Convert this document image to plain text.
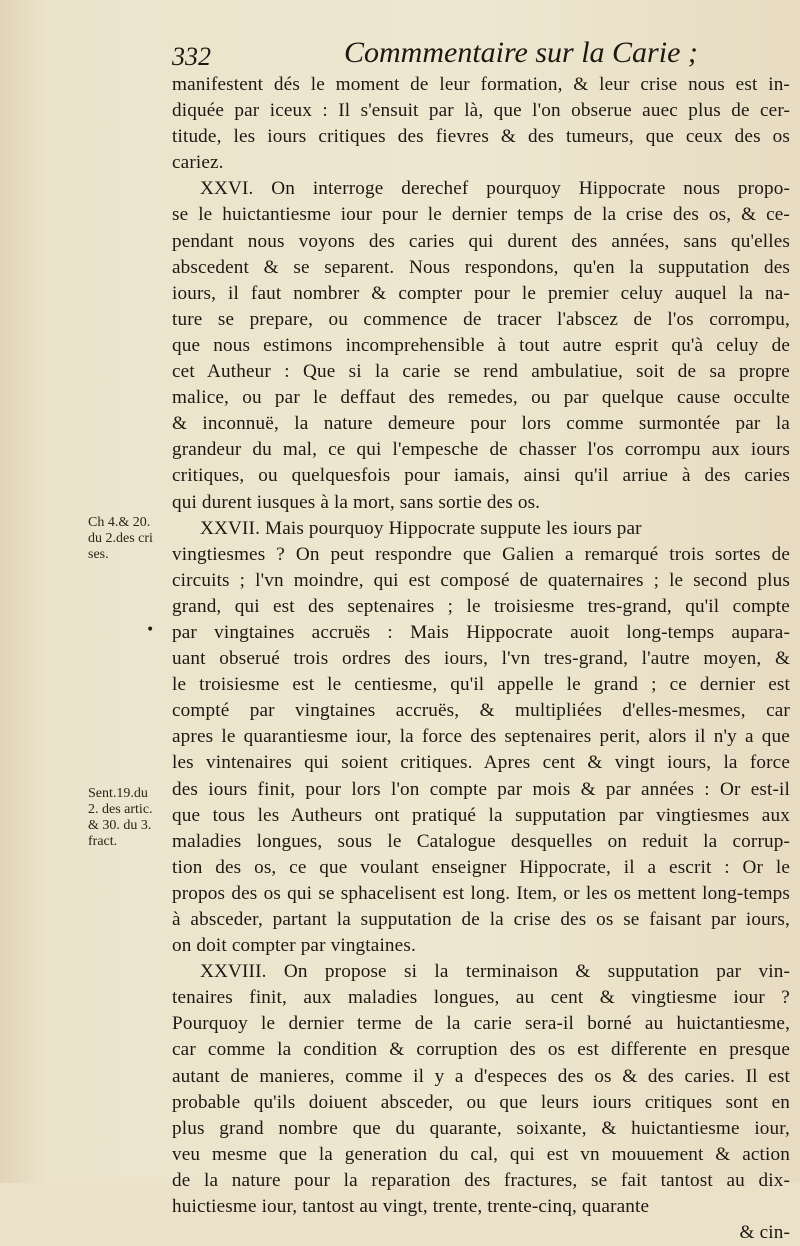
332	Commmentaire sur la Carie ;
Ch 4.& 20.
du 2.des cri
ses.
•
Sent.19.du
2. des artic.
& 30. du 3.
fract.
manifestent dés le moment de leur formation, & leur crise nous est in-
diquée par iceux : Il s'ensuit par là, que l'on obserue auec plus de cer-
titude, les iours critiques des fievres & des tumeurs, que ceux des os
cariez.
XXVI. On interroge derechef pourquoy Hippocrate nous propo-
se le huictantiesme iour pour le dernier temps de la crise des os, & ce-
pendant nous voyons des caries qui durent des années, sans qu'elles
abscedent & se separent. Nous respondons, qu'en la supputation des
iours, il faut nombrer & compter pour le premier celuy auquel la na-
ture se prepare, ou commence de tracer l'abscez de l'os corrompu,
que nous estimons incomprehensible à tout autre esprit qu'à celuy de
cet Autheur : Que si la carie se rend ambulatiue, soit de sa propre
malice, ou par le deffaut des remedes, ou par quelque cause occulte
& inconnuë, la nature demeure pour lors comme surmontée par la
grandeur du mal, ce qui l'empesche de chasser l'os corrompu aux iours
critiques, ou quelquesfois pour iamais, ainsi qu'il arriue à des caries
qui durent iusques à la mort, sans sortie des os.
XXVII. Mais pourquoy Hippocrate suppute les iours par
vingtiesmes ? On peut respondre que Galien a remarqué trois sortes de
circuits ; l'vn moindre, qui est composé de quaternaires ; le second plus
grand, qui est des septenaires ; le troisiesme tres-grand, qu'il compte
par vingtaines accruës : Mais Hippocrate auoit long-temps aupara-
uant obserué trois ordres des iours, l'vn tres-grand, l'autre moyen, &
le troisiesme est le centiesme, qu'il appelle le grand ; ce dernier est
compté par vingtaines accruës, & multipliées d'elles-mesmes, car
apres le quarantiesme iour, la force des septenaires perit, alors il n'y a que
les vintenaires qui soient critiques. Apres cent & vingt iours, la force
des iours finit, pour lors l'on compte par mois & par années : Or est-il
que tous les Autheurs ont pratiqué la supputation par vingtiesmes aux
maladies longues, sous le Catalogue desquelles on reduit la corrup-
tion des os, ce que voulant enseigner Hippocrate, il a escrit : Or le
propos des os qui se sphacelisent est long. Item, or les os mettent long-temps
à absceder, partant la supputation de la crise des os se faisant par iours,
on doit compter par vingtaines.
XXVIII. On propose si la terminaison & supputation par vin-
tenaires finit, aux maladies longues, au cent & vingtiesme iour ?
Pourquoy le dernier terme de la carie sera-il borné au huictantiesme,
car comme la condition & corruption des os est differente en presque
autant de manieres, comme il y a d'especes des os & des caries. Il est
probable qu'ils doiuent absceder, ou que leurs iours critiques sont en
plus grand nombre que du quarante, soixante, & huictantiesme iour,
veu mesme que la generation du cal, qui est vn mouuement & action
de la nature pour la reparation des fractures, se fait tantost au dix-
huictiesme iour, tantost au vingt, trente, trente-cinq, quarante
& cin-
